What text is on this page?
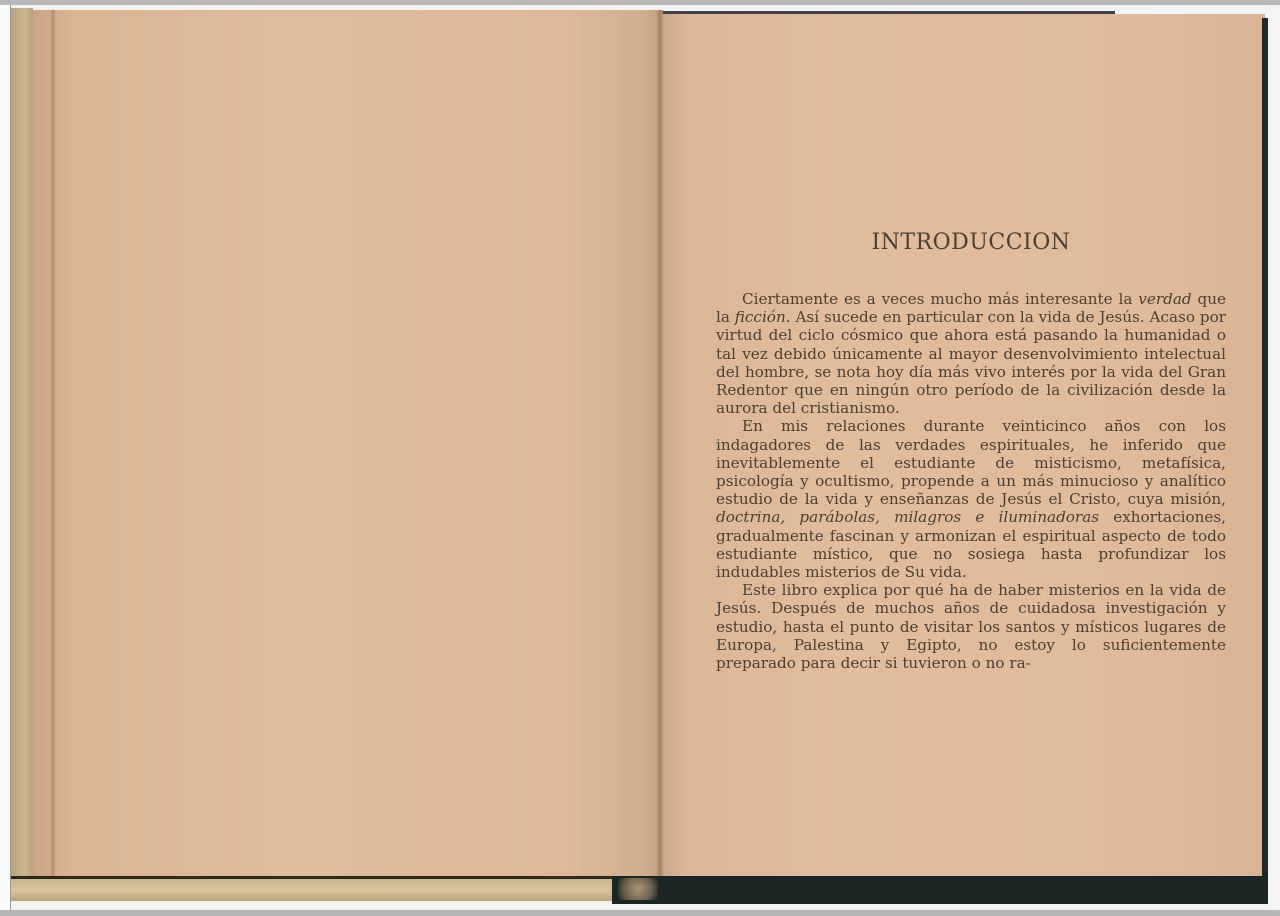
INTRODUCCION

Ciertamente es a veces mucho más interesante la verdad que la ficción. Así sucede en particular con la vida de Jesús. Acaso por virtud del ciclo cósmico que ahora está pasando la humanidad o tal vez debido únicamente al mayor desenvolvimiento intelectual del hombre, se nota hoy día más vivo interés por la vida del Gran Redentor que en ningún otro período de la civilización desde la aurora del cristianismo.

En mis relaciones durante veinticinco años con los indagadores de las verdades espirituales, he inferido que inevitablemente el estudiante de misticismo, metafísica, psicología y ocultismo, propende a un más minucioso y analítico estudio de la vida y enseñanzas de Jesús el Cristo, cuya misión, doctrina, parábolas, milagros e iluminadoras exhortaciones, gradualmente fascinan y armonizan el espiritual aspecto de todo estudiante místico, que no sosiega hasta profundizar los indudables misterios de Su vida.

Este libro explica por qué ha de haber misterios en la vida de Jesús. Después de muchos años de cuidadosa investigación y estudio, hasta el punto de visitar los santos y místicos lugares de Europa, Palestina y Egipto, no estoy lo suficientemente preparado para decir si tuvieron o no ra-
